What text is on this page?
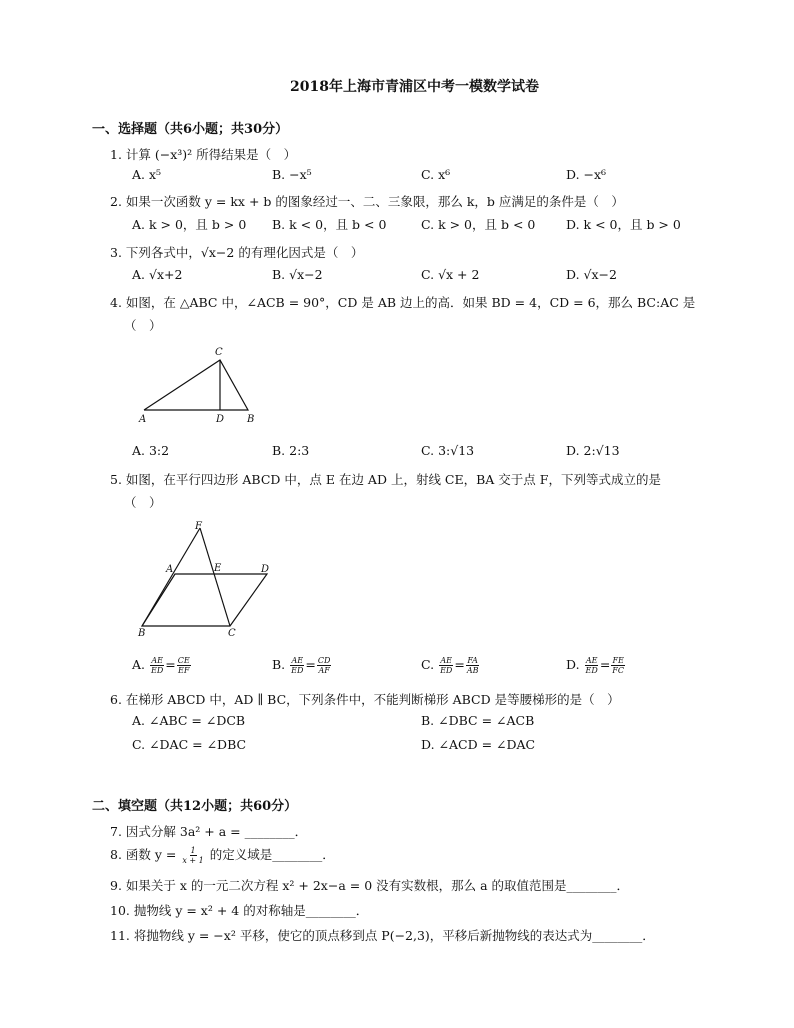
2018年上海市青浦区中考一模数学试卷
一、选择题（共6小题；共30分）
1. 计算 (−x³)² 所得结果是（　）
A. x⁵	B. −x⁵	C. x⁶	D. −x⁶
2. 如果一次函数 y = kx + b 的图象经过一、二、三象限，那么 k，b 应满足的条件是（　）
A. k > 0，且 b > 0 B. k < 0，且 b < 0	C. k > 0，且 b < 0 D. k < 0，且 b > 0
3. 下列各式中，√x−2 的有理化因式是（　）
A. √x+2	B. √x−2	C. √x + 2	D. √x−2
4. 如图，在 △ABC 中，∠ACB = 90°，CD 是 AB 边上的高．如果 BD = 4，CD = 6，那么 BC:AC 是
（　）
C
A	D B
A. 3:2	B. 2:3	C. 3:√13	D. 2:√13
5. 如图，在平行四边形 ABCD 中，点 E 在边 AD 上，射线 CE，BA 交于点 F，下列等式成立的是
（　）
F
A	E	D
B	C
A. $\frac{AE}{ED} = \frac{CE}{EF}$	B. $\frac{AE}{ED} = \frac{CD}{AF}$	C. $\frac{AE}{ED} = \frac{FA}{AB}$	D. $\frac{AE}{ED} = \frac{FE}{FC}$
6. 在梯形 ABCD 中，AD ∥ BC，下列条件中，不能判断梯形 ABCD 是等腰梯形的是（　）
A. ∠ABC = ∠DCB	B. ∠DBC = ∠ACB
C. ∠DAC = ∠DBC	D. ∠ACD = ∠DAC
二、填空题（共12小题；共60分）
7. 因式分解 3a² + a = ________．
8. 函数 $y = \frac{1}{x + 1}$ 的定义域是________．
9. 如果关于 x 的一元二次方程 x² + 2x−a = 0 没有实数根，那么 a 的取值范围是________．
10. 抛物线 y = x² + 4 的对称轴是________．
11. 将抛物线 y = −x² 平移，使它的顶点移到点 P(−2,3)，平移后新抛物线的表达式为________．
